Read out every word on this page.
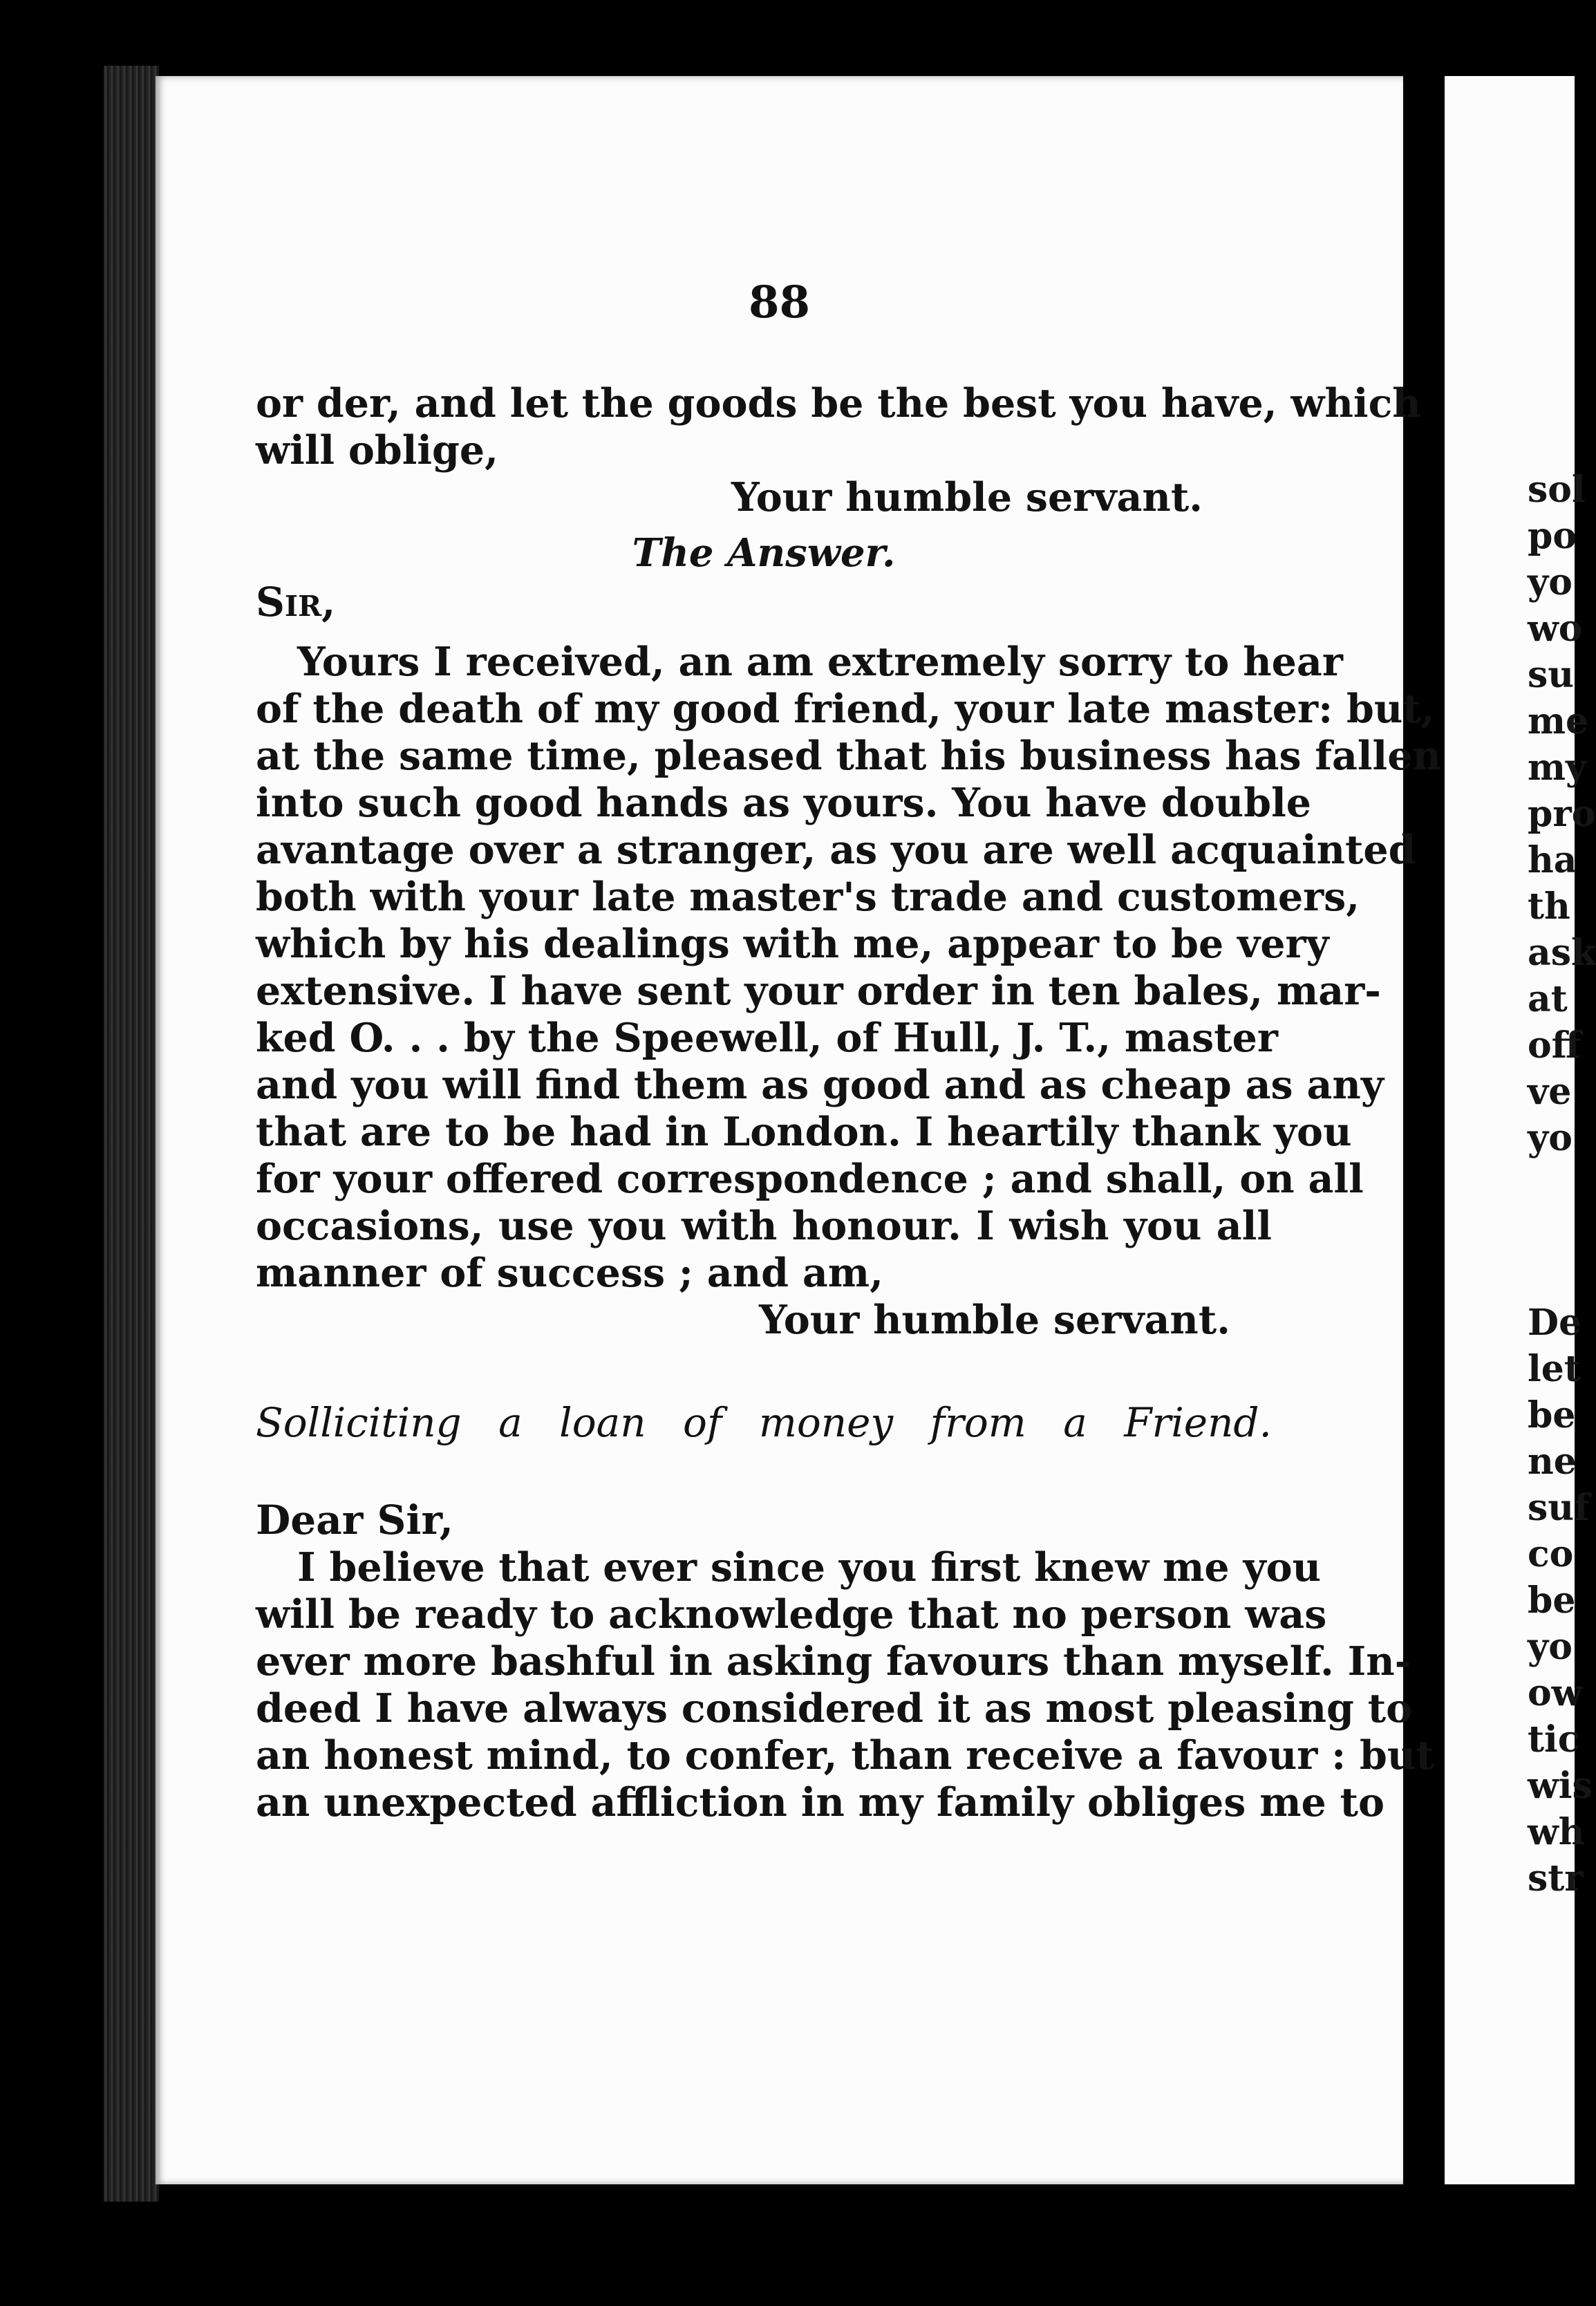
88
or der, and let the goods be the best you have, which
will oblige,
Your humble servant.
The Answer.
Sir,
Yours I received, an am extremely sorry to hear
of the death of my good friend, your late master: but,
at the same time, pleased that his business has fallen
into such good hands as yours. You have double
avantage over a stranger, as you are well acquainted
both with your late master's trade and customers,
which by his dealings with me, appear to be very
extensive. I have sent your order in ten bales, mar-
ked O. . . by the Speewell, of Hull, J. T., master
and you will find them as good and as cheap as any
that are to be had in London. I heartily thank you
for your offered correspondence ; and shall, on all
occasions, use you with honour. I wish you all
manner of success ; and am,
Your humble servant.
Solliciting a loan of money from a Friend.
Dear Sir,
I believe that ever since you first knew me you
will be ready to acknowledge that no person was
ever more bashful in asking favours than myself. In-
deed I have always considered it as most pleasing to
an honest mind, to confer, than receive a favour : but
an unexpected affliction in my family obliges me to
sol
po
yo
wo
su
me
my
pro
ha
th
ask
at
off
ve
yo
De
let
be
ne
suf
co
be
yo
ow
tic
wis
wh
str
